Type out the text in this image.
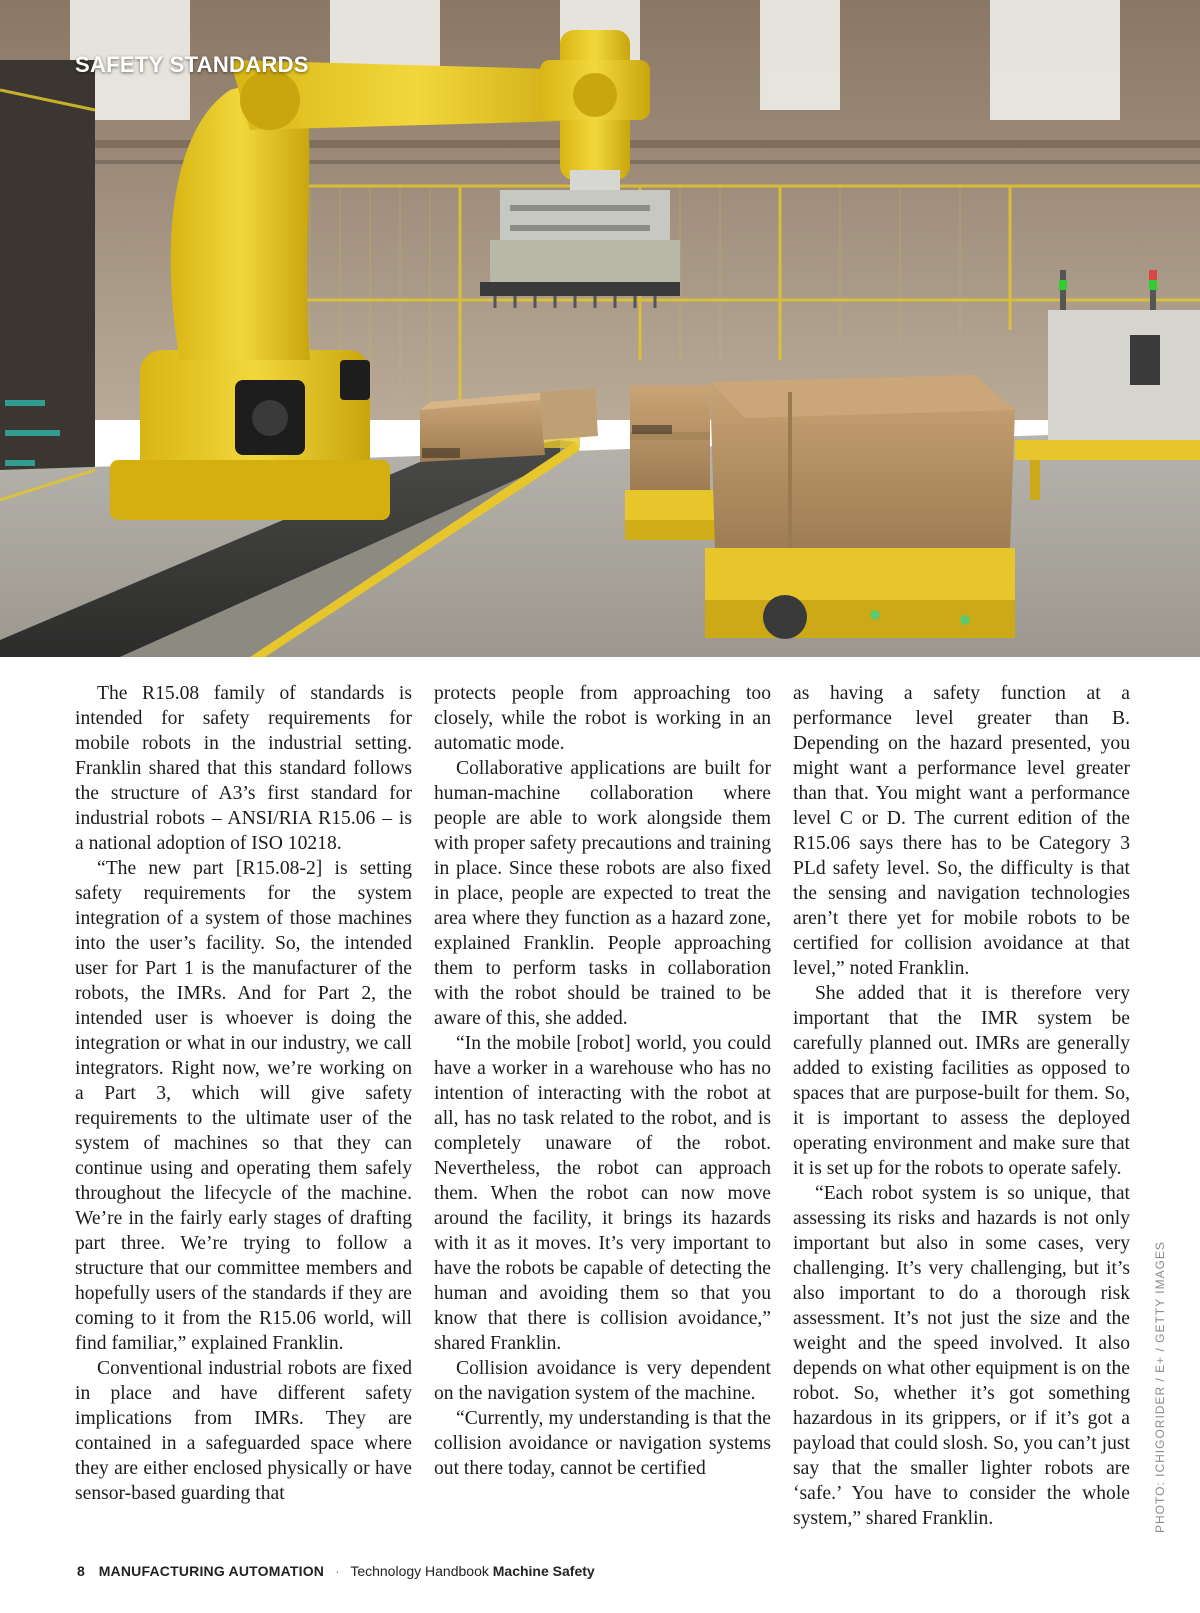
SAFETY STANDARDS

The R15.08 family of standards is intended for safety requirements for mobile robots in the industrial setting. Franklin shared that this standard follows the structure of A3’s first standard for industrial robots – ANSI/RIA R15.06 – is a national adoption of ISO 10218.

“The new part [R15.08-2] is setting safety requirements for the system integration of a system of those machines into the user’s facility. So, the intended user for Part 1 is the manufacturer of the robots, the IMRs. And for Part 2, the intended user is whoever is doing the integration or what in our industry, we call integrators. Right now, we’re working on a Part 3, which will give safety requirements to the ultimate user of the system of machines so that they can continue using and operating them safely throughout the lifecycle of the machine. We’re in the fairly early stages of drafting part three. We’re trying to follow a structure that our committee members and hopefully users of the standards if they are coming to it from the R15.06 world, will find familiar,” explained Franklin.

Conventional industrial robots are fixed in place and have different safety implications from IMRs. They are contained in a safeguarded space where they are either enclosed physically or have sensor-based guarding that

protects people from approaching too closely, while the robot is working in an automatic mode.

Collaborative applications are built for human-machine collaboration where people are able to work alongside them with proper safety precautions and training in place. Since these robots are also fixed in place, people are expected to treat the area where they function as a hazard zone, explained Franklin. People approaching them to perform tasks in collaboration with the robot should be trained to be aware of this, she added.

“In the mobile [robot] world, you could have a worker in a warehouse who has no intention of interacting with the robot at all, has no task related to the robot, and is completely unaware of the robot. Nevertheless, the robot can approach them. When the robot can now move around the facility, it brings its hazards with it as it moves. It’s very important to have the robots be capable of detecting the human and avoiding them so that you know that there is collision avoidance,” shared Franklin.

Collision avoidance is very dependent on the navigation system of the machine.

“Currently, my understanding is that the collision avoidance or navigation systems out there today, cannot be certified

as having a safety function at a performance level greater than B. Depending on the hazard presented, you might want a performance level greater than that. You might want a performance level C or D. The current edition of the R15.06 says there has to be Category 3 PLd safety level. So, the difficulty is that the sensing and navigation technologies aren’t there yet for mobile robots to be certified for collision avoidance at that level,” noted Franklin.

She added that it is therefore very important that the IMR system be carefully planned out. IMRs are generally added to existing facilities as opposed to spaces that are purpose-built for them. So, it is important to assess the deployed operating environment and make sure that it is set up for the robots to operate safely.

“Each robot system is so unique, that assessing its risks and hazards is not only important but also in some cases, very challenging. It’s very challenging, but it’s also important to do a thorough risk assessment. It’s not just the size and the weight and the speed involved. It also depends on what other equipment is on the robot. So, whether it’s got something hazardous in its grippers, or if it’s got a payload that could slosh. So, you can’t just say that the smaller lighter robots are ‘safe.’ You have to consider the whole system,” shared Franklin.	PHOTO: ICHIGORIDER / E+ / GETTY IMAGES
8 MANUFACTURING AUTOMATION · Technology Handbook Machine Safety
